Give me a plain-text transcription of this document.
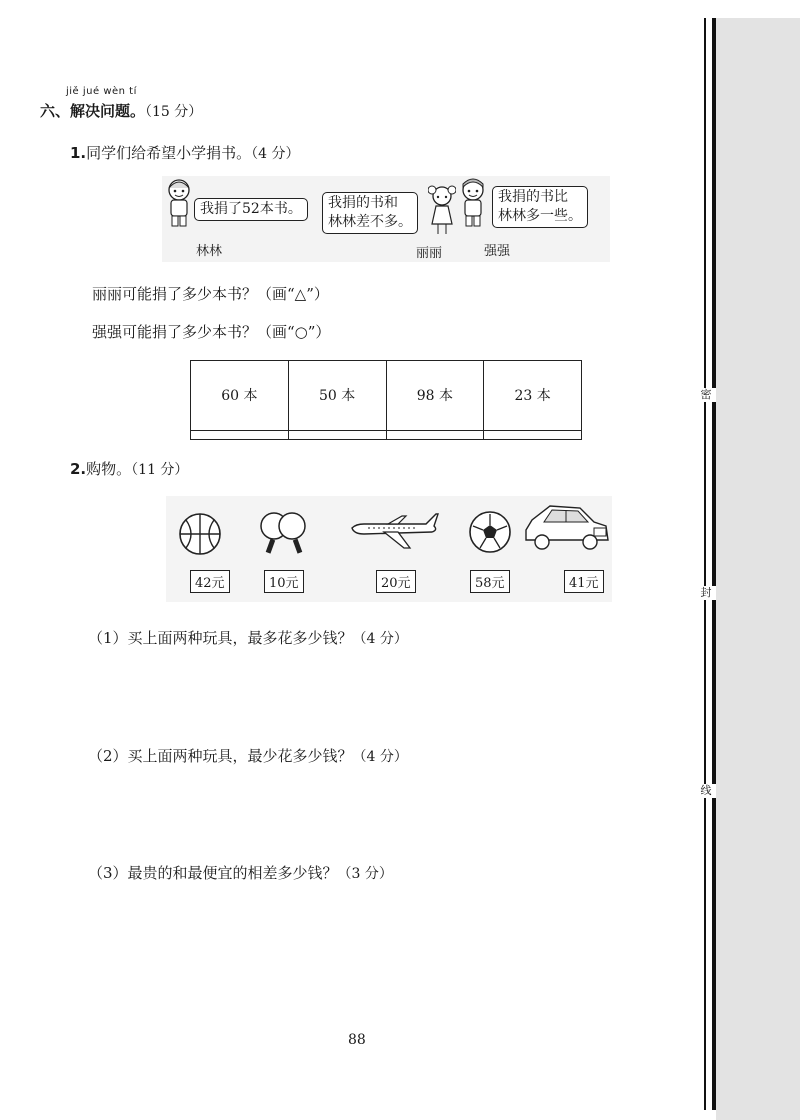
密
封
线
jiě jué wèn tí
六、解决问题。（15 分）
1.同学们给希望小学捐书。（4 分）
我捐了52本书。
林林
我捐的书和
林林差不多。
丽丽
我捐的书比
林林多一些。
强强
丽丽可能捐了多少本书？（画“△”）
强强可能捐了多少本书？（画“○”）
60 本	50 本	98 本	23 本

2.购物。（11 分）
42元	10元	20元	58元	41元
（1）买上面两种玩具，最多花多少钱？（4 分）
（2）买上面两种玩具，最少花多少钱？（4 分）
（3）最贵的和最便宜的相差多少钱？（3 分）
88
